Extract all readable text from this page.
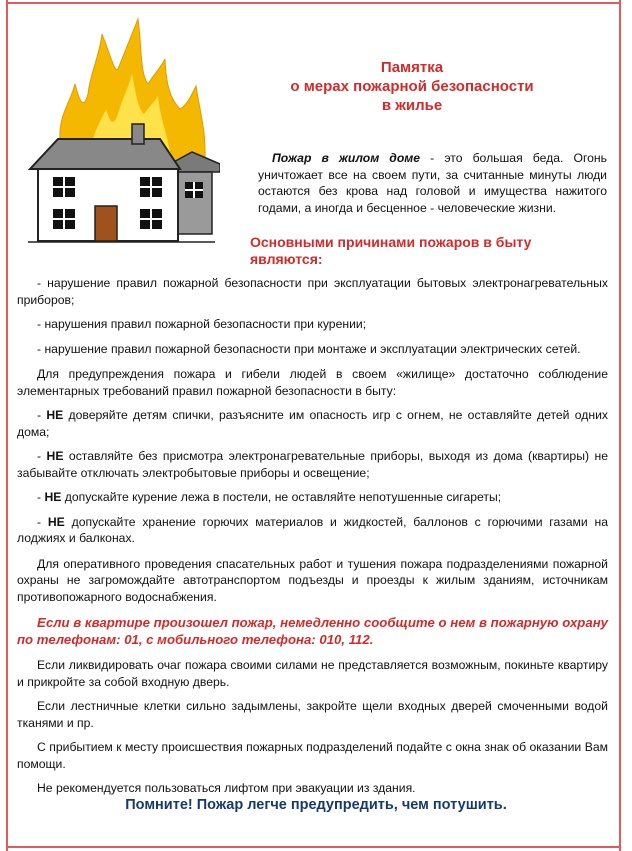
Памятка
о мерах пожарной безопасности
в жилье
Пожар в жилом доме - это большая беда. Огонь уничтожает все на своем пути, за считанные минуты люди остаются без крова над головой и имущества нажитого годами, а иногда и бесценное - человеческие жизни.
Основными причинами пожаров в быту
являются:

- нарушение правил пожарной безопасности при эксплуатации бытовых электронагревательных приборов;

- нарушения правил пожарной безопасности при курении;

- нарушение правил пожарной безопасности при монтаже и эксплуатации электрических сетей.

Для предупреждения пожара и гибели людей в своем «жилище» достаточно соблюдение элементарных требований правил пожарной безопасности в быту:

- НЕ доверяйте детям спички, разъясните им опасность игр с огнем, не оставляйте детей одних дома;

- НЕ оставляйте без присмотра электронагревательные приборы, выходя из дома (квартиры) не забывайте отключать электробытовые приборы и освещение;

- НЕ допускайте курение лежа в постели, не оставляйте непотушенные сигареты;

- НЕ допускайте хранение горючих материалов и жидкостей, баллонов с горючими газами на лоджиях и балконах.

Для оперативного проведения спасательных работ и тушения пожара подразделениями пожарной охраны не загромождайте автотранспортом подъезды и проезды к жилым зданиям, источникам противопожарного водоснабжения.

Если в квартире произошел пожар, немедленно сообщите о нем в пожарную охрану по телефонам: 01, с мобильного телефона: 010, 112.

Если ликвидировать очаг пожара своими силами не представляется возможным, покиньте квартиру и прикройте за собой входную дверь.

Если лестничные клетки сильно задымлены, закройте щели входных дверей смоченными водой тканями и пр.

С прибытием к месту происшествия пожарных подразделений подайте с окна знак об оказании Вам помощи.

Не рекомендуется пользоваться лифтом при эвакуации из здания.

Помните! Пожар легче предупредить, чем потушить.
